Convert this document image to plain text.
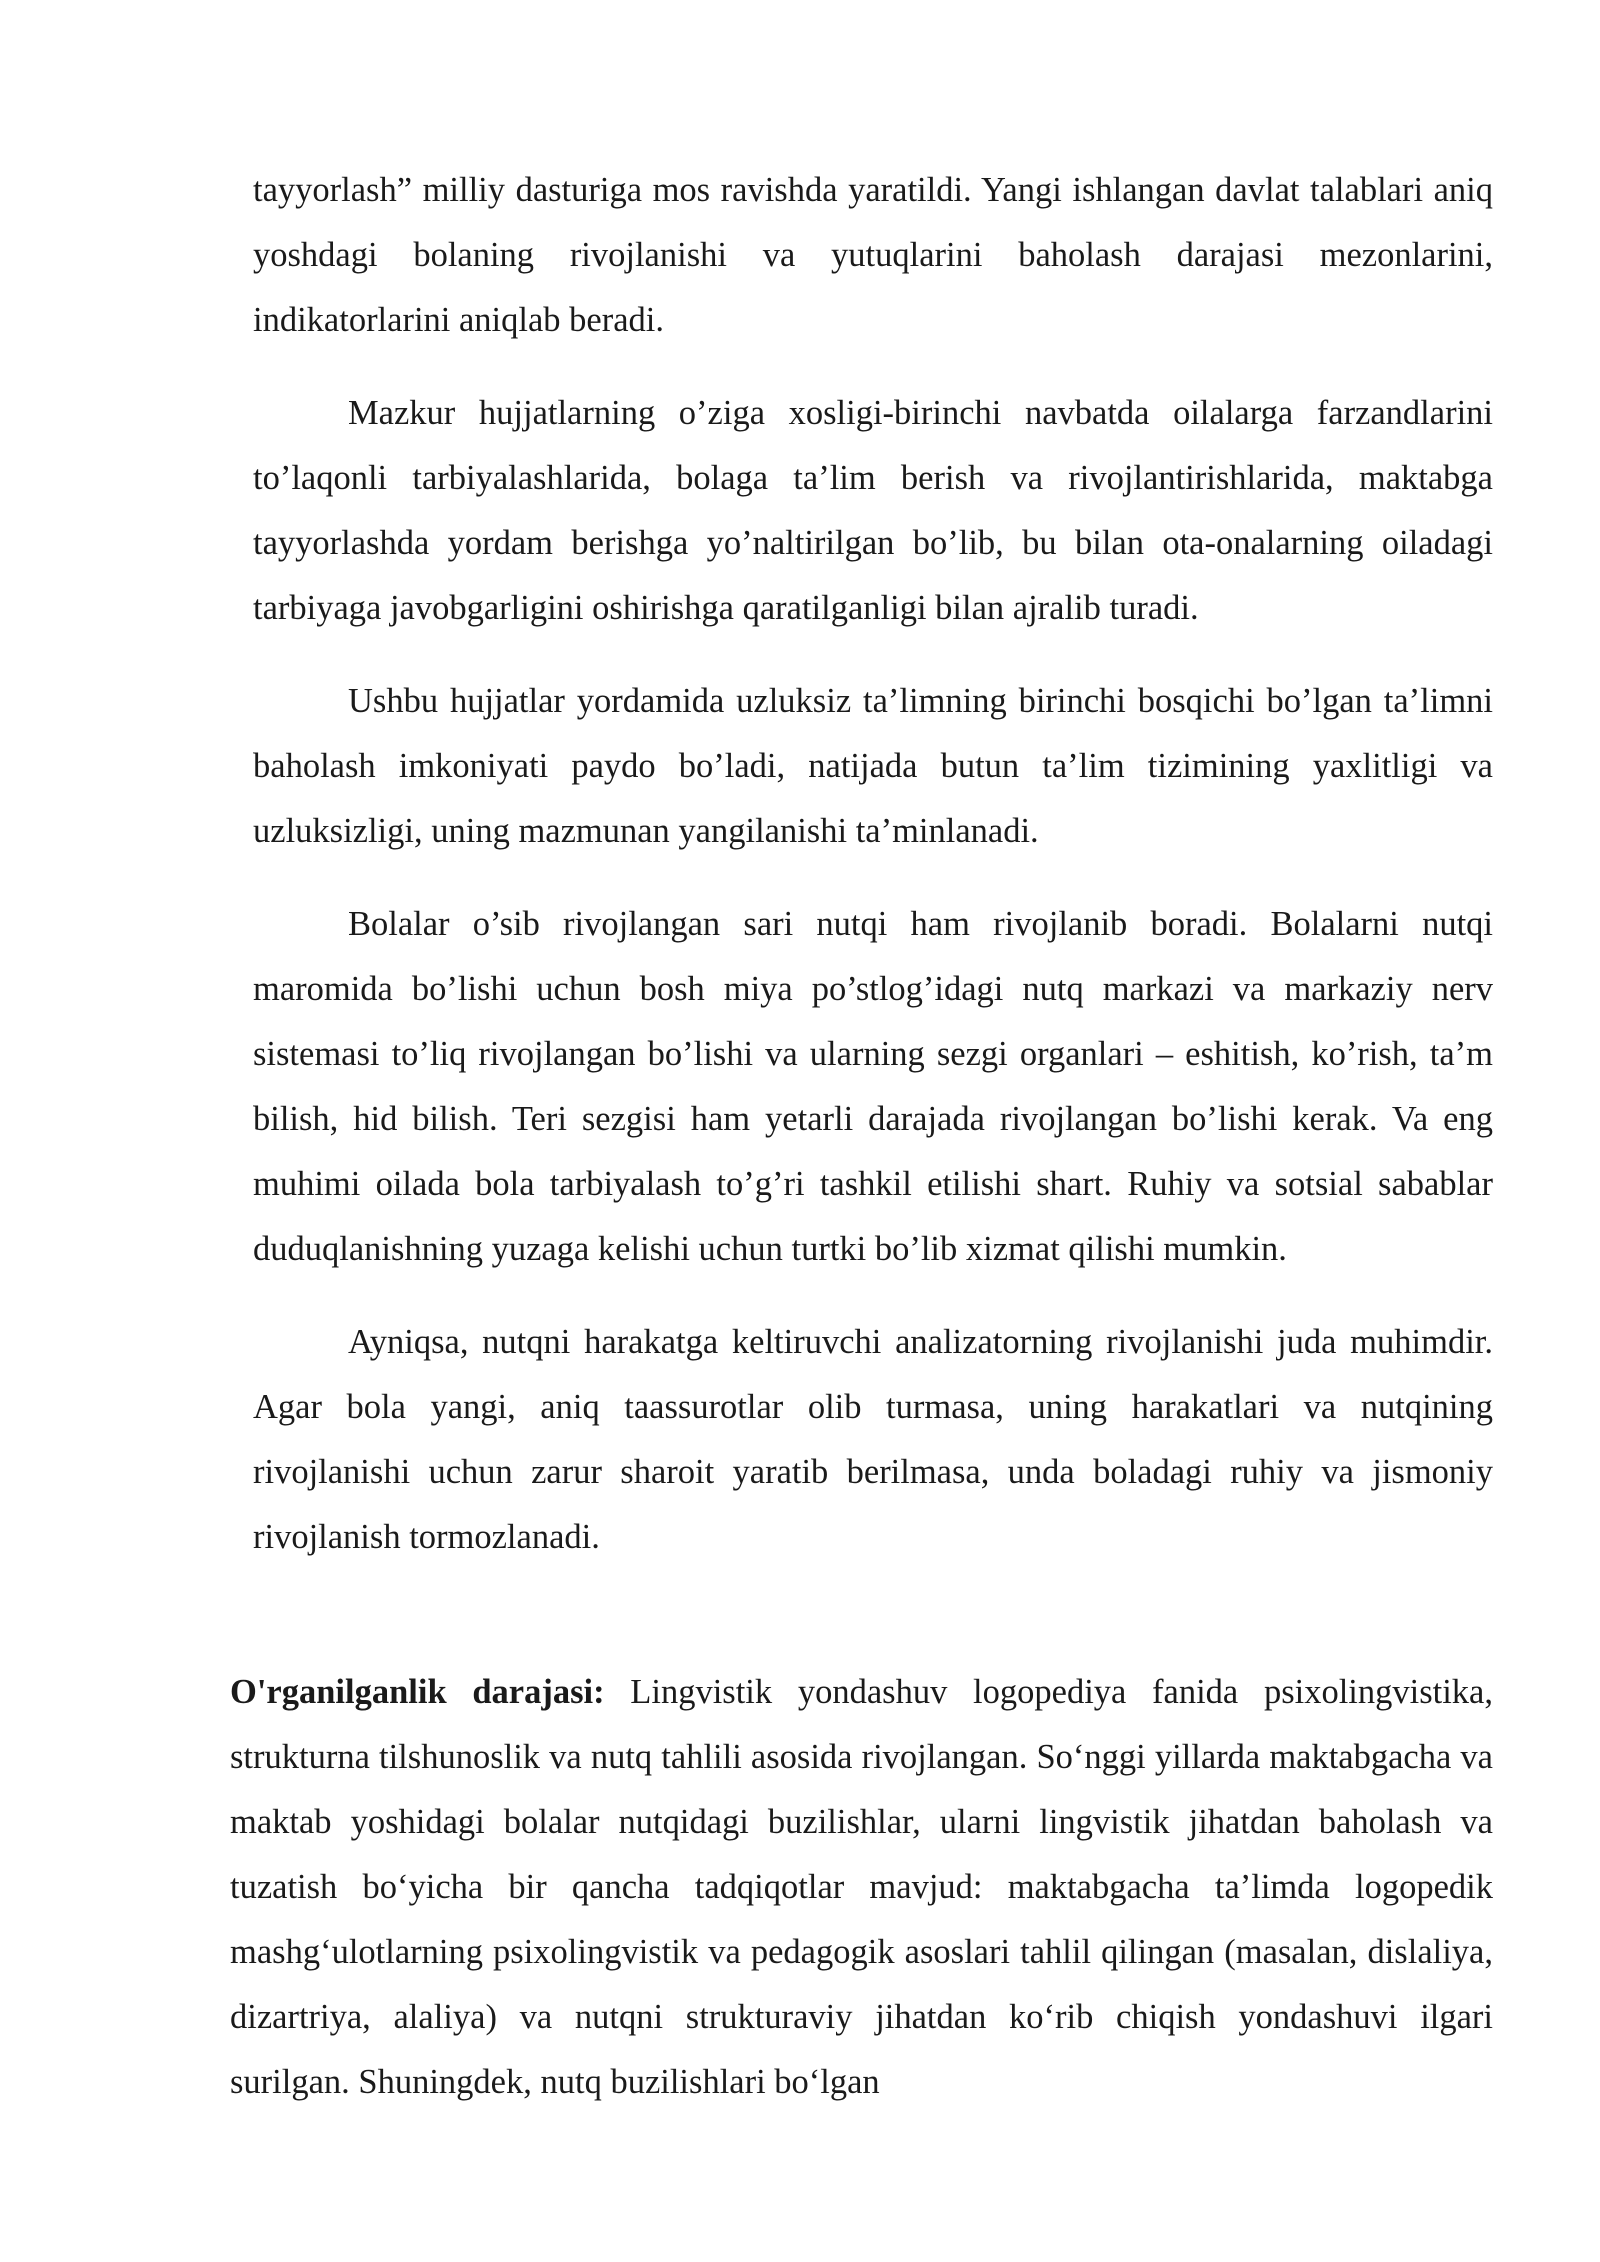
tayyorlash” milliy dasturiga mos ravishda yaratildi. Yangi ishlangan davlat talablari aniq yoshdagi bolaning rivojlanishi va yutuqlarini baholash darajasi mezonlarini, indikatorlarini aniqlab beradi.

Mazkur hujjatlarning o’ziga xosligi-birinchi navbatda oilalarga farzandlarini to’laqonli tarbiyalashlarida, bolaga ta’lim berish va rivojlantirishlarida, maktabga tayyorlashda yordam berishga yo’naltirilgan bo’lib, bu bilan ota-onalarning oiladagi tarbiyaga javobgarligini oshirishga qaratilganligi bilan ajralib turadi.

Ushbu hujjatlar yordamida uzluksiz ta’limning birinchi bosqichi bo’lgan ta’limni baholash imkoniyati paydo bo’ladi, natijada butun ta’lim tizimining yaxlitligi va uzluksizligi, uning mazmunan yangilanishi ta’minlanadi.

Bolalar o’sib rivojlangan sari nutqi ham rivojlanib boradi. Bolalarni nutqi maromida bo’lishi uchun bosh miya po’stlog’idagi nutq markazi va markaziy nerv sistemasi to’liq rivojlangan bo’lishi va ularning sezgi organlari – eshitish, ko’rish, ta’m bilish, hid bilish. Teri sezgisi ham yetarli darajada rivojlangan bo’lishi kerak. Va eng muhimi oilada bola tarbiyalash to’g’ri tashkil etilishi shart. Ruhiy va sotsial sabablar duduqlanishning yuzaga kelishi uchun turtki bo’lib xizmat qilishi mumkin.

Ayniqsa, nutqni harakatga keltiruvchi analizatorning rivojlanishi juda muhimdir. Agar bola yangi, aniq taassurotlar olib turmasa, uning harakatlari va nutqining rivojlanishi uchun zarur sharoit yaratib berilmasa, unda boladagi ruhiy va jismoniy rivojlanish tormozlanadi.

O'rganilganlik darajasi: Lingvistik yondashuv logopediya fanida psixolingvistika, strukturna tilshunoslik va nutq tahlili asosida rivojlangan. So‘nggi yillarda maktabgacha va maktab yoshidagi bolalar nutqidagi buzilishlar, ularni lingvistik jihatdan baholash va tuzatish bo‘yicha bir qancha tadqiqotlar mavjud: maktabgacha ta’limda logopedik mashg‘ulotlarning psixolingvistik va pedagogik asoslari tahlil qilingan (masalan, dislaliya, dizartriya, alaliya) va nutqni strukturaviy jihatdan ko‘rib chiqish yondashuvi ilgari surilgan. Shuningdek, nutq buzilishlari bo‘lgan
